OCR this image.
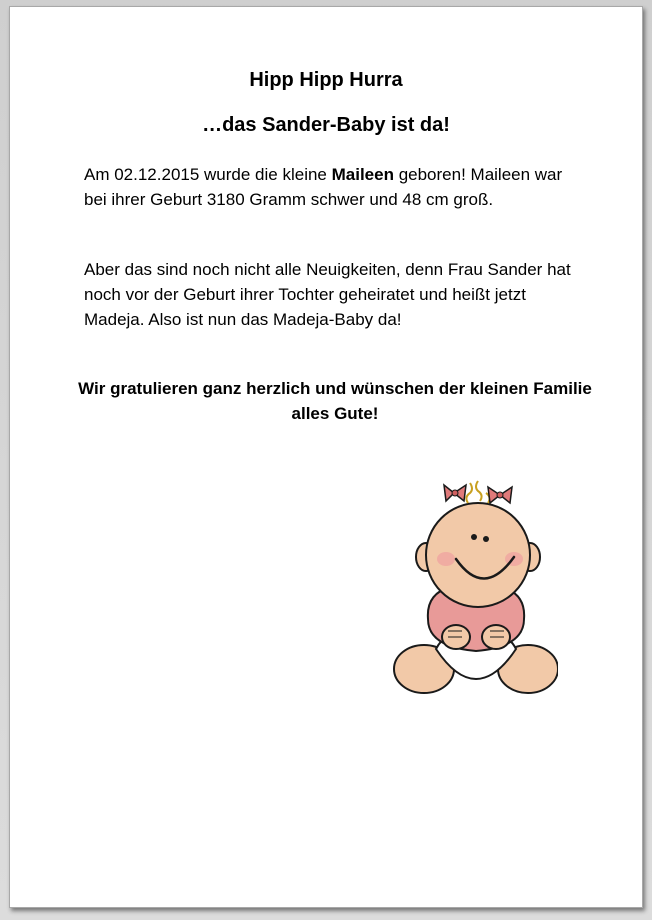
Hipp Hipp Hurra
…das Sander-Baby ist da!

Am 02.12.2015 wurde die kleine Maileen geboren! Maileen war bei ihrer Geburt 3180 Gramm schwer und 48 cm groß.

Aber das sind noch nicht alle Neuigkeiten, denn Frau Sander hat noch vor der Geburt ihrer Tochter geheiratet und heißt jetzt Madeja. Also ist nun das Madeja-Baby da!

Wir gratulieren ganz herzlich und wünschen der kleinen Familie alles Gute!
